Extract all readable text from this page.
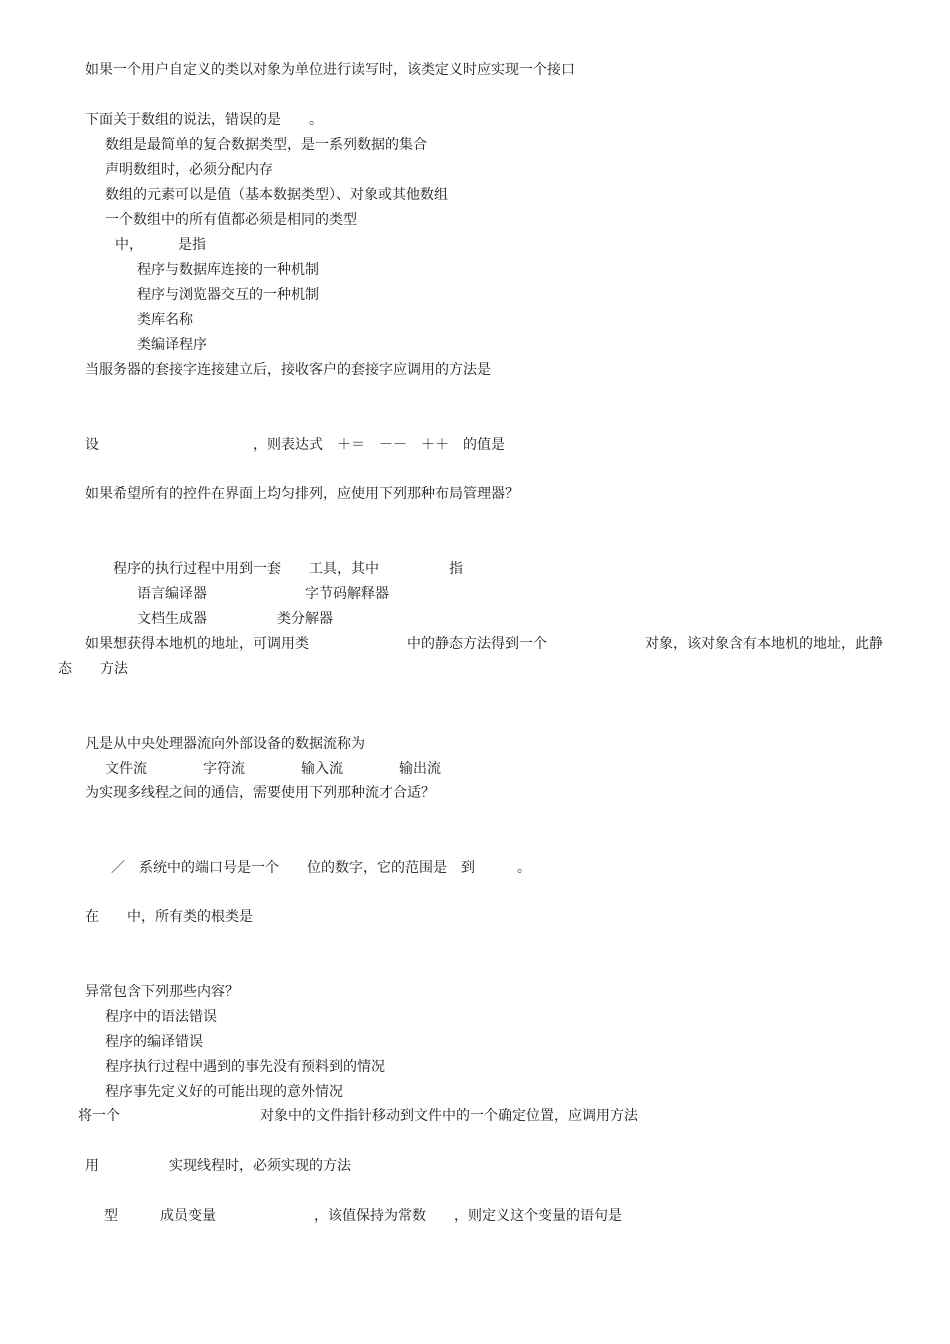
如果一个用户自定义的类以对象为单位进行读写时，该类定义时应实现一个接口
下面关于数组的说法，错误的是　　。
数组是最简单的复合数据类型，是一系列数据的集合
声明数组时，必须分配内存
数组的元素可以是值（基本数据类型）、对象或其他数组
一个数组中的所有值都必须是相同的类型
中，　　　是指
程序与数据库连接的一种机制
程序与浏览器交互的一种机制
类库名称
类编译程序
当服务器的套接字连接建立后，接收客户的套接字应调用的方法是
设　　　　　　　　　　　，则表达式　＋＝　－－　＋＋　的值是
如果希望所有的控件在界面上均匀排列，应使用下列那种布局管理器？
程序的执行过程中用到一套　　工具，其中　　　　　指
语言编译器　　　　　　　字节码解释器
文档生成器　　　　　类分解器
如果想获得本地机的地址，可调用类　　　　　　　中的静态方法得到一个　　　　　　　对象，该对象含有本地机的地址，此静
态　　方法
凡是从中央处理器流向外部设备的数据流称为
文件流　　　　字符流　　　　输入流　　　　输出流
为实现多线程之间的通信，需要使用下列那种流才合适？
／　系统中的端口号是一个　　位的数字，它的范围是　到　　　。
在　　中，所有类的根类是
异常包含下列那些内容？
程序中的语法错误
程序的编译错误
程序执行过程中遇到的事先没有预料到的情况
程序事先定义好的可能出现的意外情况
将一个　　　　　　　　　　对象中的文件指针移动到文件中的一个确定位置，应调用方法
用　　　　　实现线程时，必须实现的方法
型　　　成员变量　　　　　　　，该值保持为常数　　，则定义这个变量的语句是
